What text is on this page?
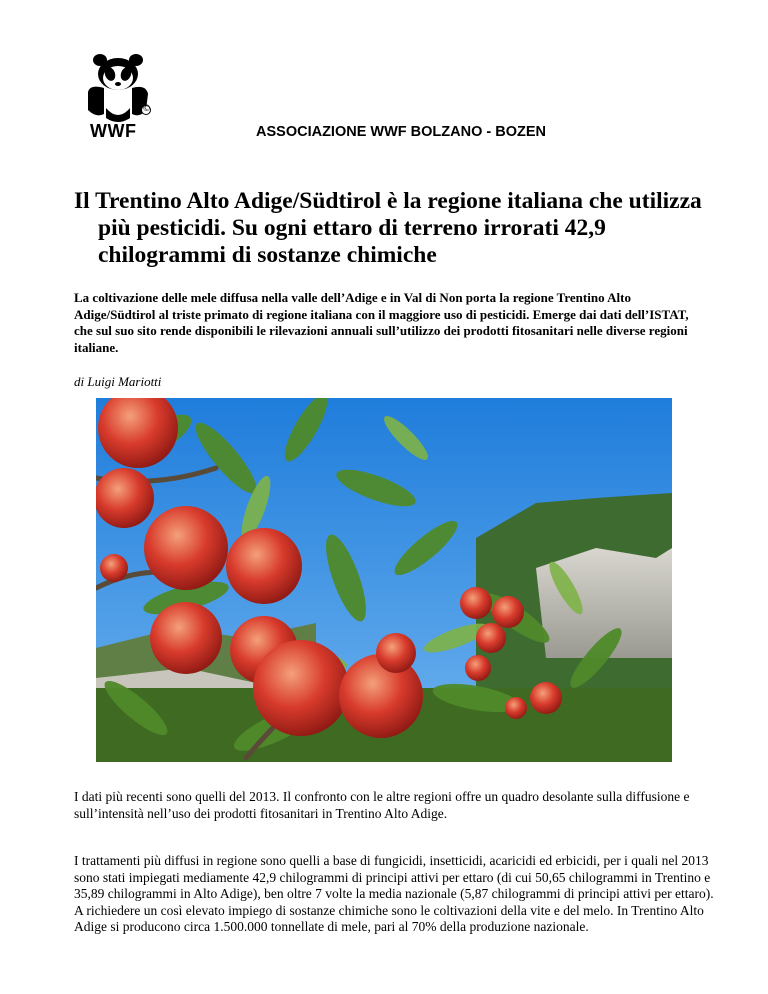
©
WWF	ASSOCIAZIONE WWF BOLZANO - BOZEN
Il Trentino Alto Adige/Südtirol è la regione italiana che utilizza più pesticidi. Su ogni ettaro di terreno irrorati 42,9 chilogrammi di sostanze chimiche
La coltivazione delle mele diffusa nella valle dell’Adige e in Val di Non porta la regione Trentino Alto Adige/Südtirol al triste primato di regione italiana con il maggiore uso di pesticidi. Emerge dai dati dell’ISTAT, che sul suo sito rende disponibili le rilevazioni annuali sull’utilizzo dei prodotti fitosanitari nelle diverse regioni italiane.
di Luigi Mariotti
I dati più recenti sono quelli del 2013. Il confronto con le altre regioni offre un quadro desolante sulla diffusione e sull’intensità nell’uso dei prodotti fitosanitari in Trentino Alto Adige.
I trattamenti più diffusi in regione sono quelli a base di fungicidi, insetticidi, acaricidi ed erbicidi, per i quali nel 2013 sono stati impiegati mediamente 42,9 chilogrammi di principi attivi per ettaro (di cui 50,65 chilogrammi in Trentino e 35,89 chilogrammi in Alto Adige), ben oltre 7 volte la media nazionale (5,87 chilogrammi di principi attivi per ettaro). A richiedere un così elevato impiego di sostanze chimiche sono le coltivazioni della vite e del melo. In Trentino Alto Adige si producono circa 1.500.000 tonnellate di mele, pari al 70% della produzione nazionale.
